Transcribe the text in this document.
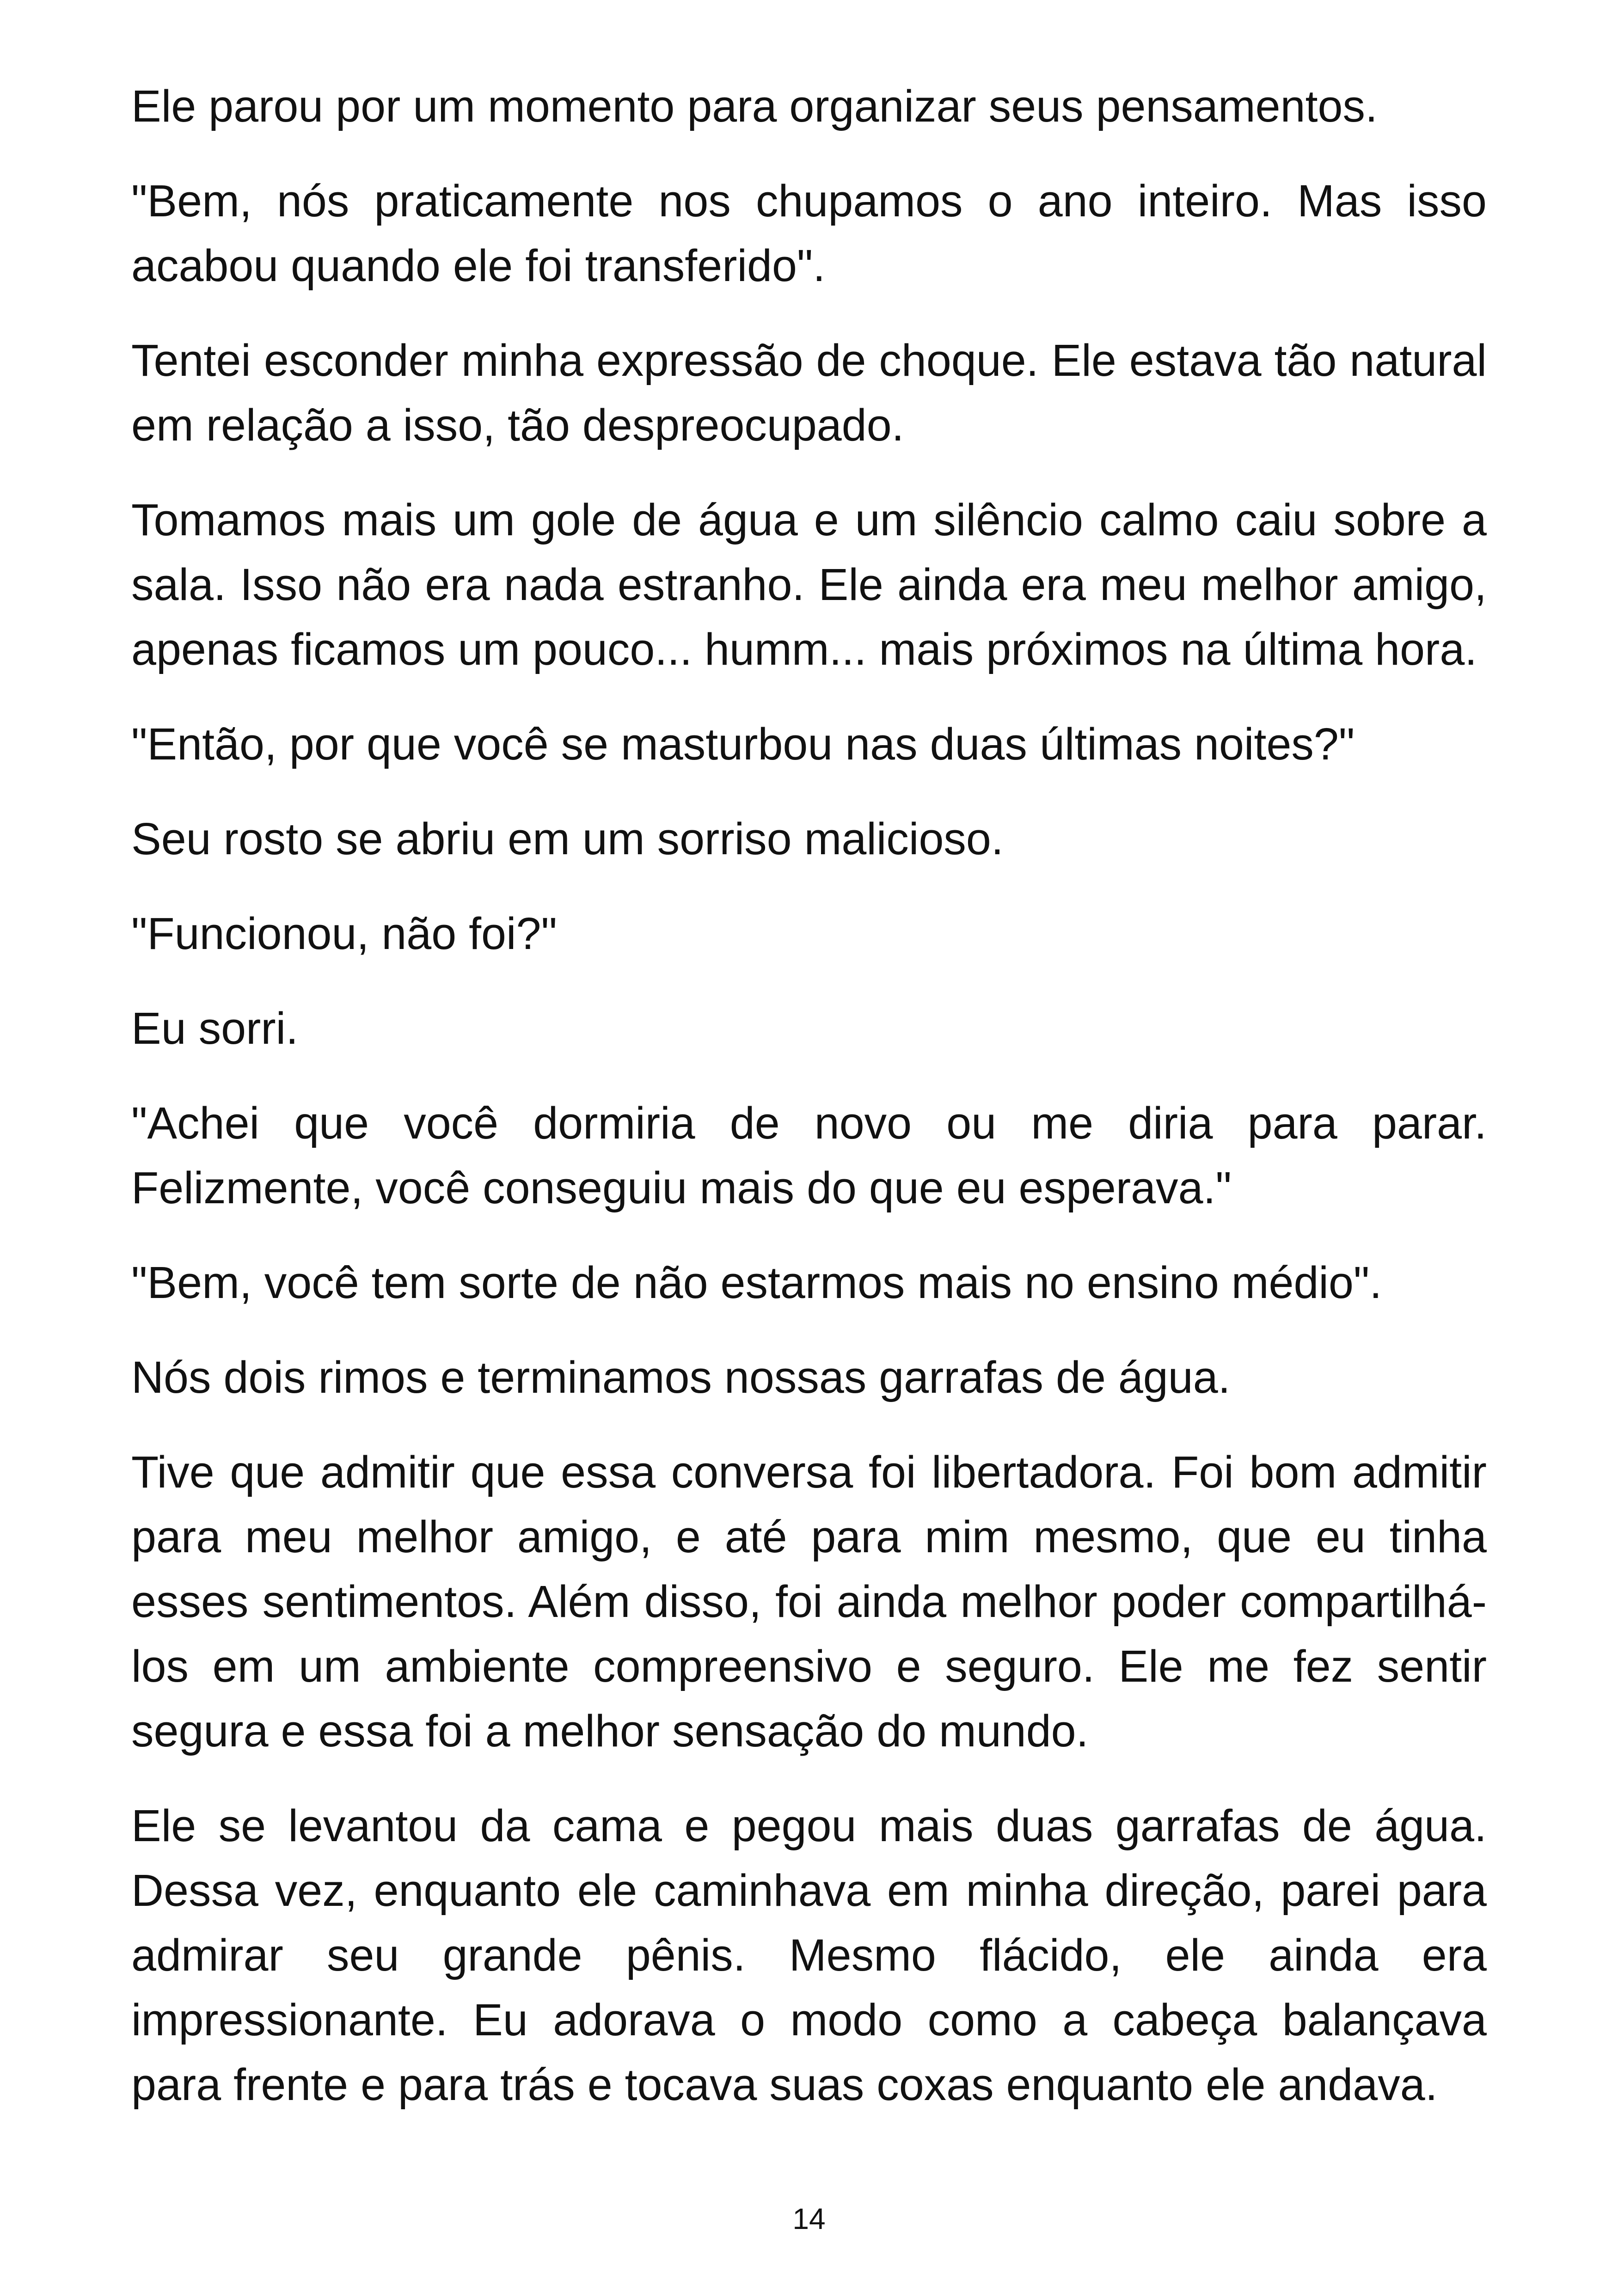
Ele parou por um momento para organizar seus pensamentos.

"Bem, nós praticamente nos chupamos o ano inteiro. Mas isso acabou quando ele foi transferido".

Tentei esconder minha expressão de choque. Ele estava tão natural em relação a isso, tão despreocupado.

Tomamos mais um gole de água e um silêncio calmo caiu sobre a sala. Isso não era nada estranho. Ele ainda era meu melhor amigo, apenas ficamos um pouco... humm... mais próximos na última hora.

"Então, por que você se masturbou nas duas últimas noites?"

Seu rosto se abriu em um sorriso malicioso.

"Funcionou, não foi?"

Eu sorri.

"Achei que você dormiria de novo ou me diria para parar. Felizmente, você conseguiu mais do que eu esperava."

"Bem, você tem sorte de não estarmos mais no ensino médio".

Nós dois rimos e terminamos nossas garrafas de água.

Tive que admitir que essa conversa foi libertadora. Foi bom admitir para meu melhor amigo, e até para mim mesmo, que eu tinha esses sentimentos. Além disso, foi ainda melhor poder compartilhá-los em um ambiente compreensivo e seguro. Ele me fez sentir segura e essa foi a melhor sensação do mundo.

Ele se levantou da cama e pegou mais duas garrafas de água. Dessa vez, enquanto ele caminhava em minha direção, parei para admirar seu grande pênis. Mesmo flácido, ele ainda era impressionante. Eu adorava o modo como a cabeça balançava para frente e para trás e tocava suas coxas enquanto ele andava.

14
